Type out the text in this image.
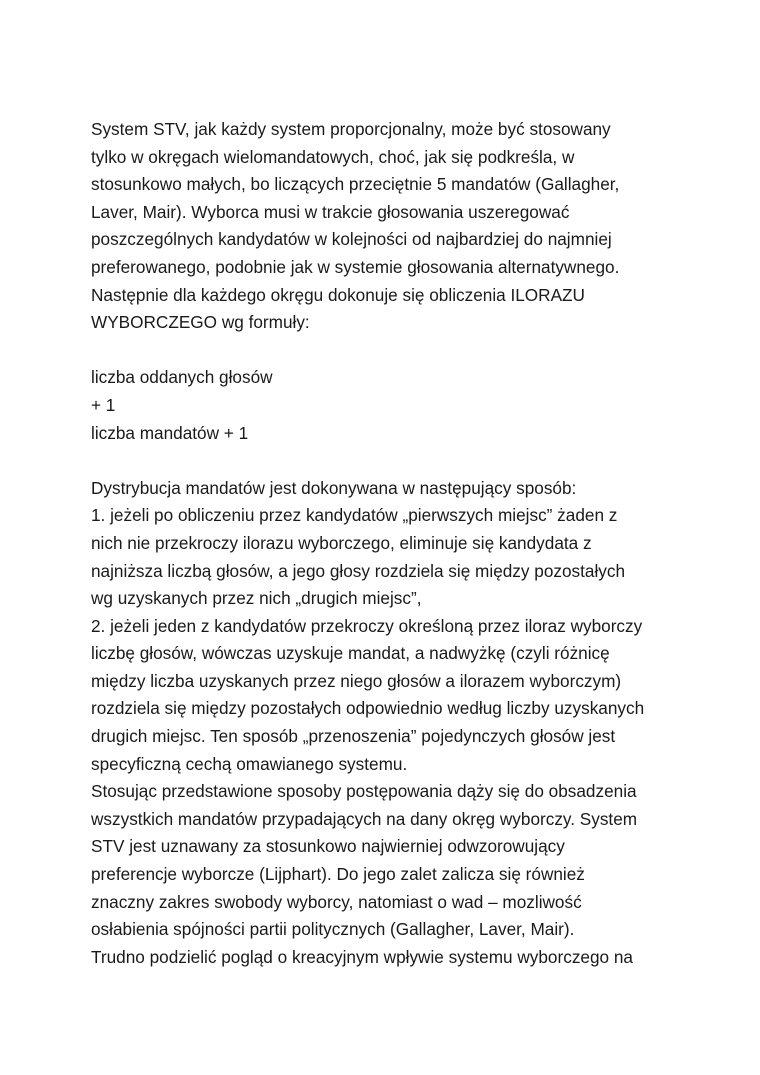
System STV, jak każdy system proporcjonalny, może być stosowany
tylko w okręgach wielomandatowych, choć, jak się podkreśla, w
stosunkowo małych, bo liczących przeciętnie 5 mandatów (Gallagher,
Laver, Mair). Wyborca musi w trakcie głosowania uszeregować
poszczególnych kandydatów w kolejności od najbardziej do najmniej
preferowanego, podobnie jak w systemie głosowania alternatywnego.
Następnie dla każdego okręgu dokonuje się obliczenia ILORAZU
WYBORCZEGO wg formuły:
liczba oddanych głosów
+ 1
liczba mandatów + 1
Dystrybucja mandatów jest dokonywana w następujący sposób:
1. jeżeli po obliczeniu przez kandydatów „pierwszych miejsc” żaden z
nich nie przekroczy ilorazu wyborczego, eliminuje się kandydata z
najniższa liczbą głosów, a jego głosy rozdziela się między pozostałych
wg uzyskanych przez nich „drugich miejsc”,
2. jeżeli jeden z kandydatów przekroczy określoną przez iloraz wyborczy
liczbę głosów, wówczas uzyskuje mandat, a nadwyżkę (czyli różnicę
między liczba uzyskanych przez niego głosów a ilorazem wyborczym)
rozdziela się między pozostałych odpowiednio według liczby uzyskanych
drugich miejsc. Ten sposób „przenoszenia” pojedynczych głosów jest
specyficzną cechą omawianego systemu.
Stosując przedstawione sposoby postępowania dąży się do obsadzenia
wszystkich mandatów przypadających na dany okręg wyborczy. System
STV jest uznawany za stosunkowo najwierniej odwzorowujący
preferencje wyborcze (Lijphart). Do jego zalet zalicza się również
znaczny zakres swobody wyborcy, natomiast o wad – mozliwość
osłabienia spójności partii politycznych (Gallagher, Laver, Mair).
Trudno podzielić pogląd o kreacyjnym wpływie systemu wyborczego na
